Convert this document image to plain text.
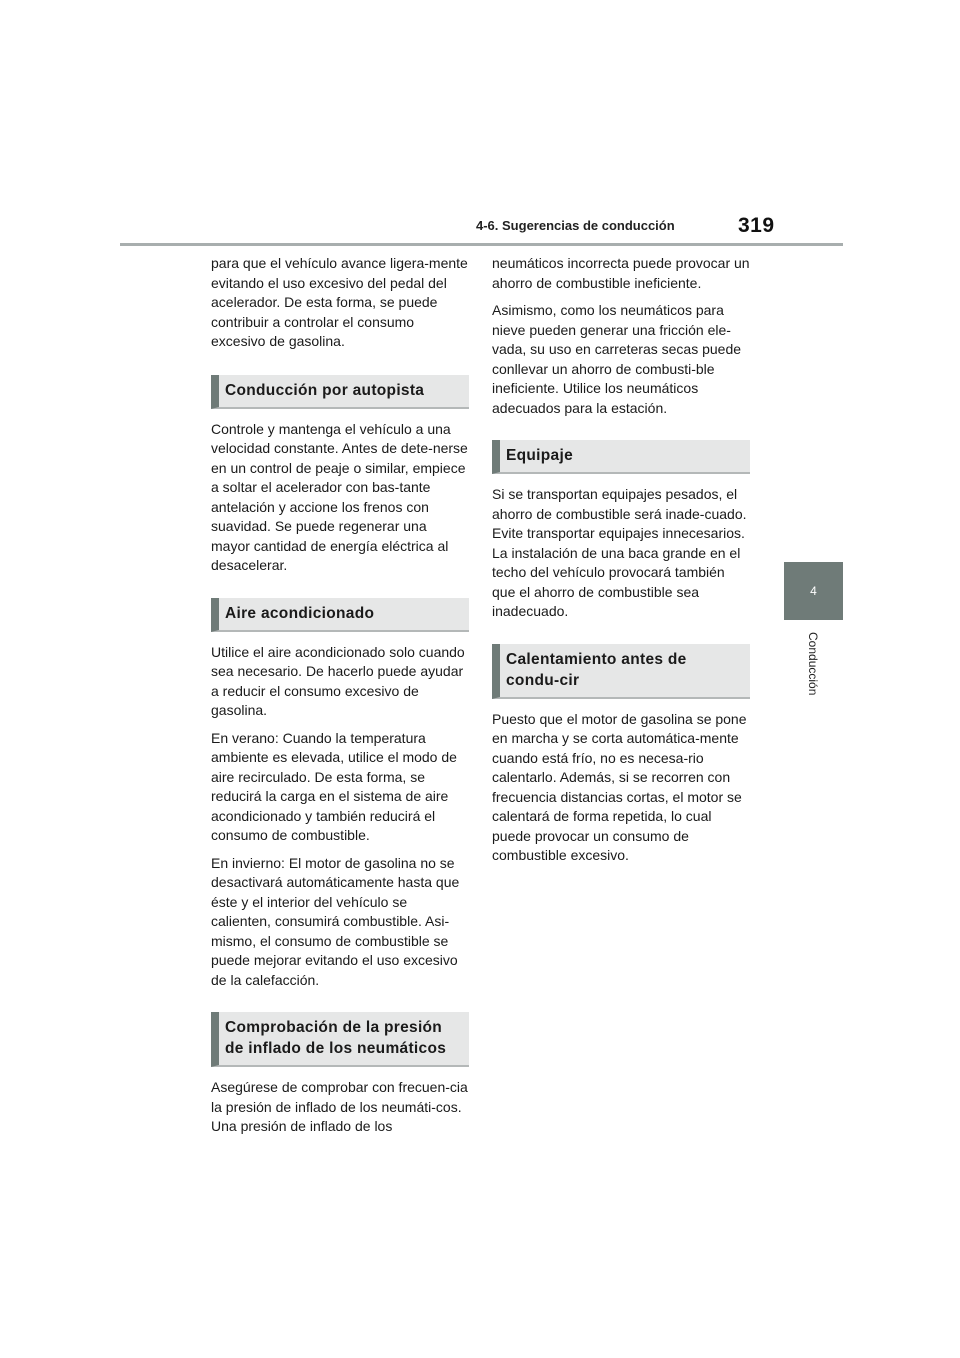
4-6. Sugerencias de conducción	319
4
Conducción

para que el vehículo avance ligera-mente evitando el uso excesivo del pedal del acelerador. De esta forma, se puede contribuir a controlar el consumo excesivo de gasolina.

Conducción por autopista

Controle y mantenga el vehículo a una velocidad constante. Antes de dete-nerse en un control de peaje o similar, empiece a soltar el acelerador con bas-tante antelación y accione los frenos con suavidad. Se puede regenerar una mayor cantidad de energía eléctrica al desacelerar.

Aire acondicionado

Utilice el aire acondicionado solo cuando sea necesario. De hacerlo puede ayudar a reducir el consumo excesivo de gasolina.

En verano: Cuando la temperatura ambiente es elevada, utilice el modo de aire recirculado. De esta forma, se reducirá la carga en el sistema de aire acondicionado y también reducirá el consumo de combustible.

En invierno: El motor de gasolina no se desactivará automáticamente hasta que éste y el interior del vehículo se calienten, consumirá combustible. Asi-mismo, el consumo de combustible se puede mejorar evitando el uso excesivo de la calefacción.

Comprobación de la presión de inflado de los neumáticos

Asegúrese de comprobar con frecuen-cia la presión de inflado de los neumáti-cos. Una presión de inflado de los

neumáticos incorrecta puede provocar un ahorro de combustible ineficiente.

Asimismo, como los neumáticos para nieve pueden generar una fricción ele-vada, su uso en carreteras secas puede conllevar un ahorro de combusti-ble ineficiente. Utilice los neumáticos adecuados para la estación.

Equipaje

Si se transportan equipajes pesados, el ahorro de combustible será inade-cuado. Evite transportar equipajes innecesarios. La instalación de una baca grande en el techo del vehículo provocará también que el ahorro de combustible sea inadecuado.

Calentamiento antes de condu-cir

Puesto que el motor de gasolina se pone en marcha y se corta automática-mente cuando está frío, no es necesa-rio calentarlo. Además, si se recorren con frecuencia distancias cortas, el motor se calentará de forma repetida, lo cual puede provocar un consumo de combustible excesivo.
